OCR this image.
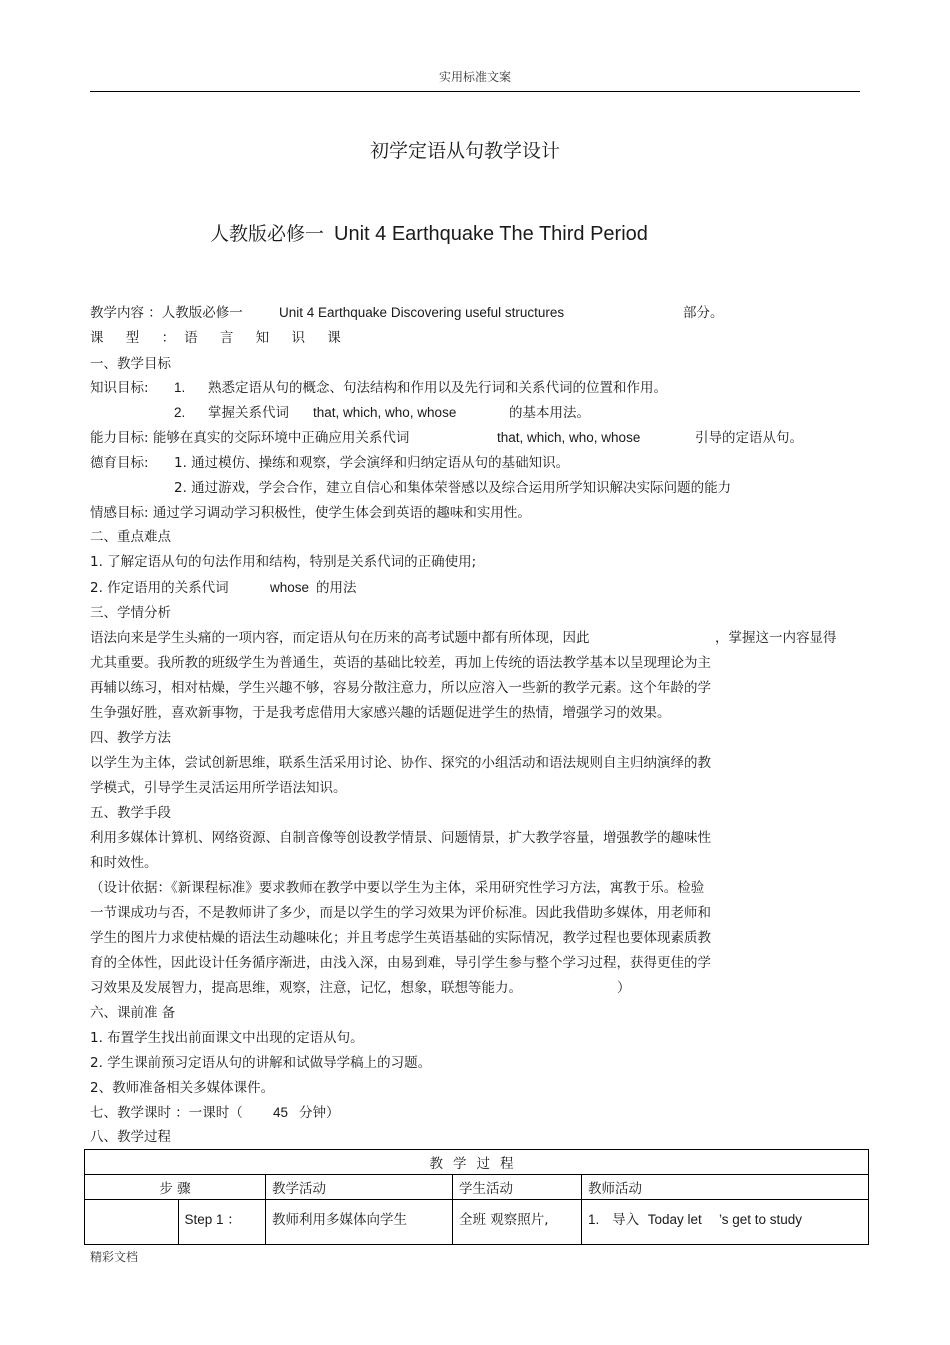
实用标准文案
初学定语从句教学设计
人教版必修一 Unit 4 Earthquake The Third Period
教学内容 ：人教版必修一	Unit 4 Earthquake Discovering useful structures	部分。
课 型 ：语 言 知 识 课
一、教学目标
知识目标: 1. 熟悉定语从句的概念、句法结构和作用以及先行词和关系代词的位置和作用。
2. 掌握关系代词 that, which, who, whose	的基本用法。
能力目标: 能够在真实的交际环境中正确应用关系代词	that, which, who, whose	引导的定语从句。
德育目标: 1. 通过模仿、操练和观察，学会演绎和归纳定语从句的基础知识。
2. 通过游戏，学会合作，建立自信心和集体荣誉感以及综合运用所学知识解决实际问题的能力
情感目标: 通过学习调动学习积极性，使学生体会到英语的趣味和实用性。
二、重点难点
1. 了解定语从句的句法作用和结构，特别是关系代词的正确使用;
2. 作定语用的关系代词	whose 的用法
三、学情分析
语法向来是学生头痛的一项内容，而定语从句在历来的高考试题中都有所体现，因此	，掌握这一内容显得
尤其重要。我所教的班级学生为普通生，英语的基础比较差，再加上传统的语法教学基本以呈现理论为主
再辅以练习，相对枯燥，学生兴趣不够，容易分散注意力，所以应溶入一些新的教学元素。这个年龄的学
生争强好胜，喜欢新事物，于是我考虑借用大家感兴趣的话题促进学生的热情，增强学习的效果。
四、教学方法
以学生为主体，尝试创新思维，联系生活采用讨论、协作、探究的小组活动和语法规则自主归纳演绎的教
学模式，引导学生灵活运用所学语法知识。
五、教学手段
利用多媒体计算机、网络资源、自制音像等创设教学情景、问题情景，扩大教学容量，增强教学的趣味性
和时效性。
（设计依据：《新课程标准》要求教师在教学中要以学生为主体，采用研究性学习方法，寓教于乐。检验
一节课成功与否，不是教师讲了多少，而是以学生的学习效果为评价标准。因此我借助多媒体，用老师和
学生的图片力求使枯燥的语法生动趣味化；并且考虑学生英语基础的实际情况，教学过程也要体现素质教
育的全体性，因此设计任务循序渐进，由浅入深，由易到难，导引学生参与整个学习过程，获得更佳的学
习效果及发展智力，提高思维，观察，注意，记忆，想象，联想等能力。	）
六、课前准 备
1. 布置学生找出前面课文中出现的定语从句。
2. 学生课前预习定语从句的讲解和试做导学稿上的习题。
2、教师准备相关多媒体课件。
七、教学课时 ：一课时（ 45 分钟）
八、教学过程
教学过程				
步 骤		教学活动	学生活动	教师活动
	Step 1 ：	教师利用多媒体向学生	全班 观察照片,	1. 导入 Today let ’s get to study
精彩文档
